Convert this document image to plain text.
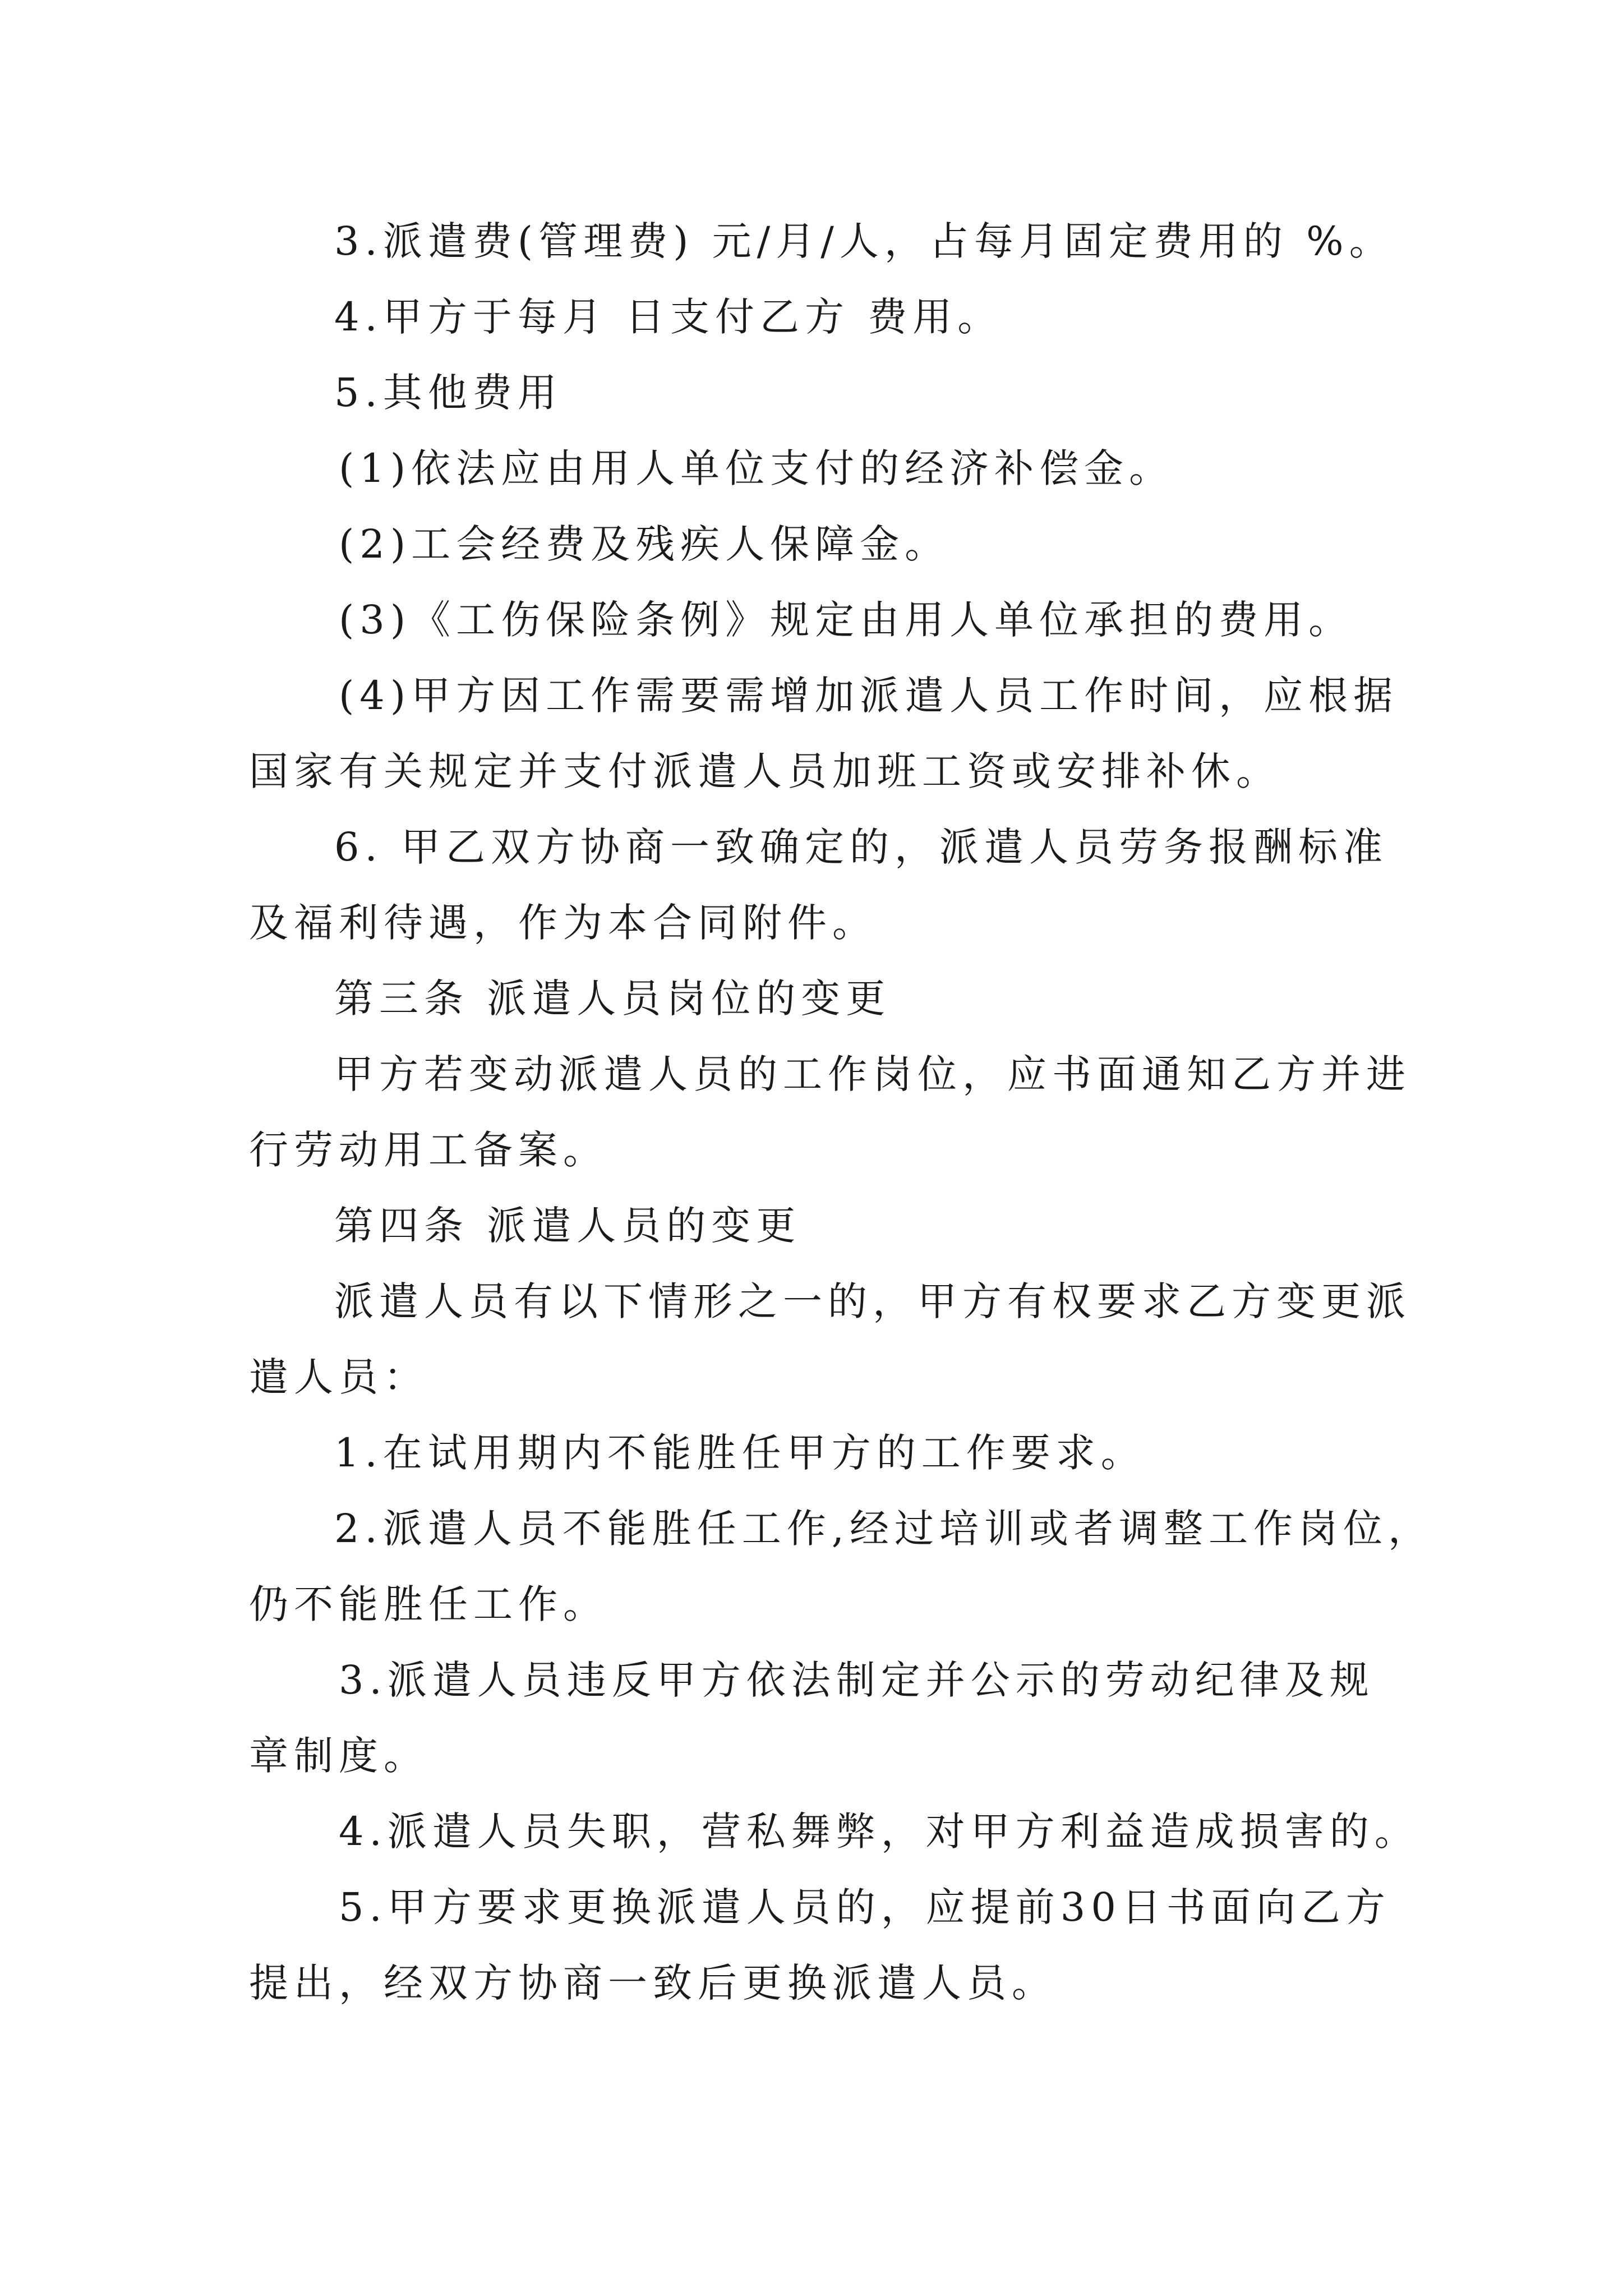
3.派遣费(管理费) 元/月/人，占每月固定费用的 %。
4.甲方于每月 日支付乙方 费用。
5.其他费用
(1)依法应由用人单位支付的经济补偿金。
(2)工会经费及残疾人保障金。
(3)《工伤保险条例》规定由用人单位承担的费用。
(4)甲方因工作需要需增加派遣人员工作时间，应根据
国家有关规定并支付派遣人员加班工资或安排补休。
6. 甲乙双方协商一致确定的，派遣人员劳务报酬标准
及福利待遇，作为本合同附件。
第三条 派遣人员岗位的变更
甲方若变动派遣人员的工作岗位，应书面通知乙方并进
行劳动用工备案。
第四条 派遣人员的变更
派遣人员有以下情形之一的，甲方有权要求乙方变更派
遣人员：
1.在试用期内不能胜任甲方的工作要求。
2.派遣人员不能胜任工作,经过培训或者调整工作岗位，
仍不能胜任工作。
3.派遣人员违反甲方依法制定并公示的劳动纪律及规
章制度。
4.派遣人员失职，营私舞弊，对甲方利益造成损害的。
5.甲方要求更换派遣人员的，应提前30日书面向乙方
提出，经双方协商一致后更换派遣人员。
